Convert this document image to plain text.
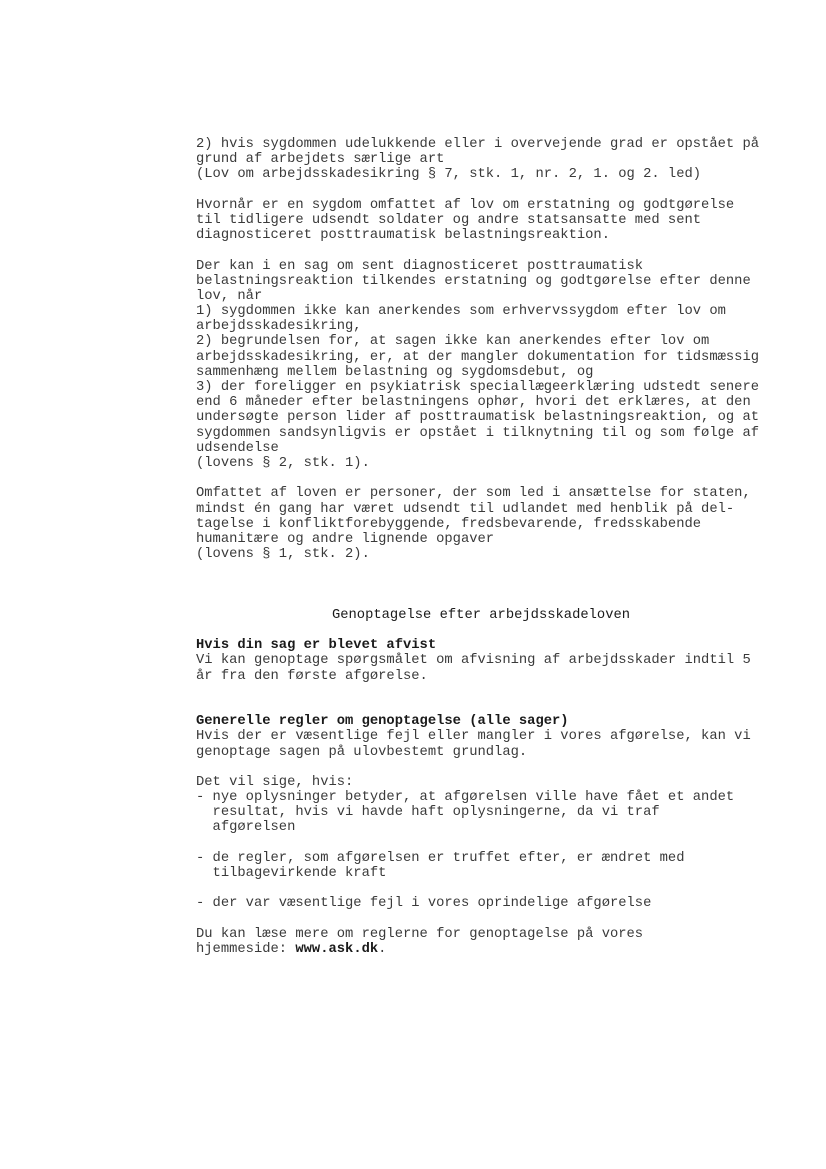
2) hvis sygdommen udelukkende eller i overvejende grad er opstået på
grund af arbejdets særlige art
(Lov om arbejdsskadesikring § 7, stk. 1, nr. 2, 1. og 2. led)
Hvornår er en sygdom omfattet af lov om erstatning og godtgørelse
til tidligere udsendt soldater og andre statsansatte med sent
diagnosticeret posttraumatisk belastningsreaktion.
Der kan i en sag om sent diagnosticeret posttraumatisk
belastningsreaktion tilkendes erstatning og godtgørelse efter denne
lov, når
1) sygdommen ikke kan anerkendes som erhvervssygdom efter lov om
arbejdsskadesikring,
2) begrundelsen for, at sagen ikke kan anerkendes efter lov om
arbejdsskadesikring, er, at der mangler dokumentation for tidsmæssig
sammenhæng mellem belastning og sygdomsdebut, og
3) der foreligger en psykiatrisk speciallægeerklæring udstedt senere
end 6 måneder efter belastningens ophør, hvori det erklæres, at den
undersøgte person lider af posttraumatisk belastningsreaktion, og at
sygdommen sandsynligvis er opstået i tilknytning til og som følge af
udsendelse
(lovens § 2, stk. 1).
Omfattet af loven er personer, der som led i ansættelse for staten,
mindst én gang har været udsendt til udlandet med henblik på del-
tagelse i konfliktforebyggende, fredsbevarende, fredsskabende
humanitære og andre lignende opgaver
(lovens § 1, stk. 2).
Genoptagelse efter arbejdsskadeloven
Hvis din sag er blevet afvist
Vi kan genoptage spørgsmålet om afvisning af arbejdsskader indtil 5
år fra den første afgørelse.
Generelle regler om genoptagelse (alle sager)
Hvis der er væsentlige fejl eller mangler i vores afgørelse, kan vi
genoptage sagen på ulovbestemt grundlag.
Det vil sige, hvis:
- nye oplysninger betyder, at afgørelsen ville have fået et andet
resultat, hvis vi havde haft oplysningerne, da vi traf
afgørelsen
- de regler, som afgørelsen er truffet efter, er ændret med
tilbagevirkende kraft
- der var væsentlige fejl i vores oprindelige afgørelse
Du kan læse mere om reglerne for genoptagelse på vores
hjemmeside: www.ask.dk.
